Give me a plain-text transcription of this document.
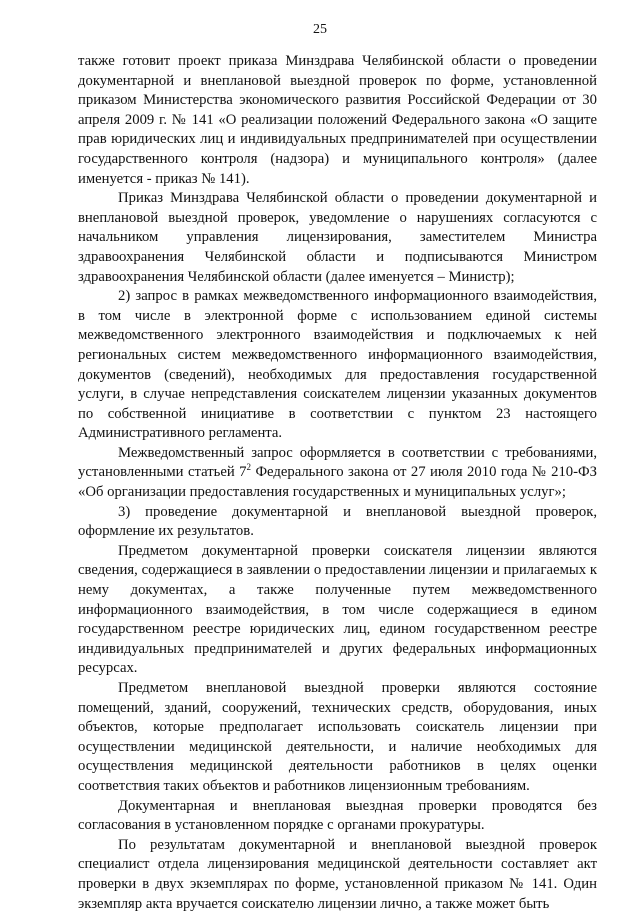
25

также готовит проект приказа Минздрава Челябинской области о проведении документарной и внеплановой выездной проверок по форме, установленной приказом Министерства экономического развития Российской Федерации от 30 апреля 2009 г. № 141 «О реализации положений Федерального закона «О защите прав юридических лиц и индивидуальных предпринимателей при осуществлении государственного контроля (надзора) и муниципального контроля» (далее именуется - приказ № 141).

Приказ Минздрава Челябинской области о проведении документарной и внеплановой выездной проверок, уведомление о нарушениях согласуются с начальником управления лицензирования, заместителем Министра здравоохранения Челябинской области и подписываются Министром здравоохранения Челябинской области (далее именуется – Министр);

2) запрос в рамках межведомственного информационного взаимодействия, в том числе в электронной форме с использованием единой системы межведомственного электронного взаимодействия и подключаемых к ней региональных систем межведомственного информационного взаимодействия, документов (сведений), необходимых для предоставления государственной услуги, в случае непредставления соискателем лицензии указанных документов по собственной инициативе в соответствии с пунктом 23 настоящего Административного регламента.

Межведомственный запрос оформляется в соответствии с требованиями, установленными статьей $7^2$ Федерального закона от 27 июля 2010 года № 210-ФЗ «Об организации предоставления государственных и муниципальных услуг»;

3) проведение документарной и внеплановой выездной проверок, оформление их результатов.

Предметом документарной проверки соискателя лицензии являются сведения, содержащиеся в заявлении о предоставлении лицензии и прилагаемых к нему документах, а также полученные путем межведомственного информационного взаимодействия, в том числе содержащиеся в едином государственном реестре юридических лиц, едином государственном реестре индивидуальных предпринимателей и других федеральных информационных ресурсах.

Предметом внеплановой выездной проверки являются состояние помещений, зданий, сооружений, технических средств, оборудования, иных объектов, которые предполагает использовать соискатель лицензии при осуществлении медицинской деятельности, и наличие необходимых для осуществления медицинской деятельности работников в целях оценки соответствия таких объектов и работников лицензионным требованиям.

Документарная и внеплановая выездная проверки проводятся без согласования в установленном порядке с органами прокуратуры.

По результатам документарной и внеплановой выездной проверок специалист отдела лицензирования медицинской деятельности составляет акт проверки в двух экземплярах по форме, установленной приказом № 141. Один экземпляр акта вручается соискателю лицензии лично, а также может быть
